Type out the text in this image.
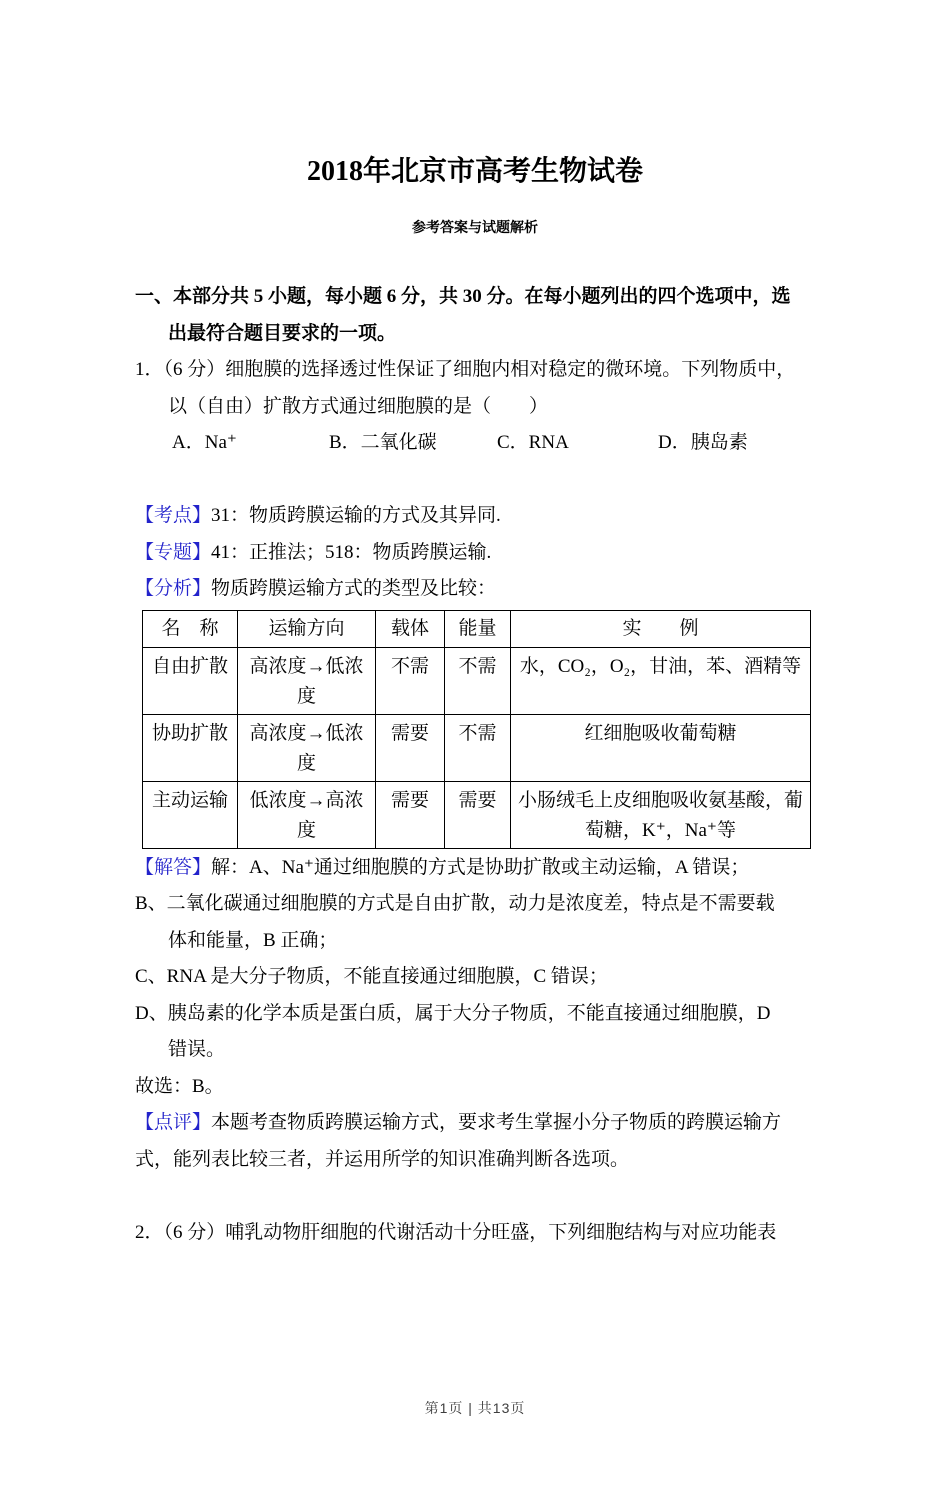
2018年北京市高考生物试卷
参考答案与试题解析
一、本部分共 5 小题，每小题 6 分，共 30 分。在每小题列出的四个选项中，选
出最符合题目要求的一项。
1．（6 分）细胞膜的选择透过性保证了细胞内相对稳定的微环境。下列物质中，
以（自由）扩散方式通过细胞膜的是（　　）
A．Na⁺	B．二氧化碳	C．RNA	D．胰岛素
【考点】31：物质跨膜运输的方式及其异同.
【专题】41：正推法；518：物质跨膜运输.
【分析】物质跨膜运输方式的类型及比较：
名　称	运输方向	载体	能量	实　　例
自由扩散	高浓度→低浓度	不需	不需	水，CO₂，O₂，甘油，苯、酒精等
协助扩散	高浓度→低浓度	需要	不需	红细胞吸收葡萄糖
主动运输	低浓度→高浓度	需要	需要	小肠绒毛上皮细胞吸收氨基酸，葡萄糖，K⁺，Na⁺等
【解答】解：A、Na⁺通过细胞膜的方式是协助扩散或主动运输，A 错误；
B、二氧化碳通过细胞膜的方式是自由扩散，动力是浓度差，特点是不需要载
体和能量，B 正确；
C、RNA 是大分子物质，不能直接通过细胞膜，C 错误；
D、胰岛素的化学本质是蛋白质，属于大分子物质，不能直接通过细胞膜，D
错误。
故选：B。
【点评】本题考查物质跨膜运输方式，要求考生掌握小分子物质的跨膜运输方
式，能列表比较三者，并运用所学的知识准确判断各选项。
2．（6 分）哺乳动物肝细胞的代谢活动十分旺盛，下列细胞结构与对应功能表
第1页 | 共13页
